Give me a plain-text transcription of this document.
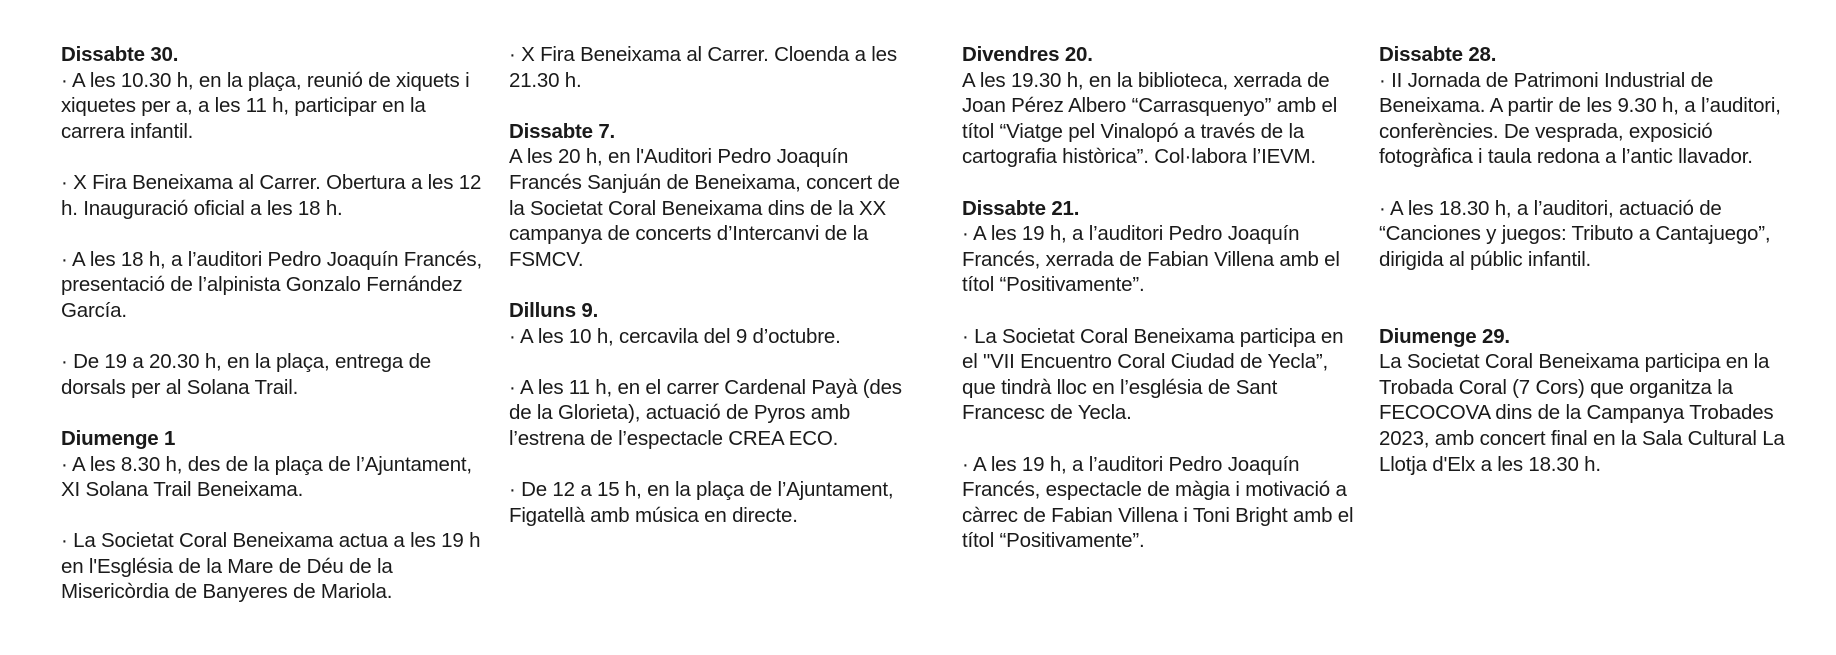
Dissabte 30.

· A les 10.30 h, en la plaça, reunió de xiquets i

xiquetes per a, a les 11 h, participar en la

carrera infantil.

· X Fira Beneixama al Carrer. Obertura a les 12

h. Inauguració oficial a les 18 h.

· A les 18 h, a l’auditori Pedro Joaquín Francés,

presentació de l’alpinista Gonzalo Fernández

García.

· De 19 a 20.30 h, en la plaça, entrega de

dorsals per al Solana Trail.

Diumenge 1

· A les 8.30 h, des de la plaça de l’Ajuntament,

XI Solana Trail Beneixama.

· La Societat Coral Beneixama actua a les 19 h

en l'Església de la Mare de Déu de la

Misericòrdia de Banyeres de Mariola.

· X Fira Beneixama al Carrer. Cloenda a les

21.30 h.

Dissabte 7.

A les 20 h, en l'Auditori Pedro Joaquín

Francés Sanjuán de Beneixama, concert de

la Societat Coral Beneixama dins de la XX

campanya de concerts d’Intercanvi de la

FSMCV.

Dilluns 9.

· A les 10 h, cercavila del 9 d’octubre.

· A les 11 h, en el carrer Cardenal Payà (des

de la Glorieta), actuació de Pyros amb

l’estrena de l’espectacle CREA ECO.

· De 12 a 15 h, en la plaça de l’Ajuntament,

Figatellà amb música en directe.

Divendres 20.

A les 19.30 h, en la biblioteca, xerrada de

Joan Pérez Albero “Carrasquenyo” amb el

títol “Viatge pel Vinalopó a través de la

cartografia històrica”. Col·labora l’IEVM.

Dissabte 21.

· A les 19 h, a l’auditori Pedro Joaquín

Francés, xerrada de Fabian Villena amb el

títol “Positivamente”.

· La Societat Coral Beneixama participa en

el "VII Encuentro Coral Ciudad de Yecla”,

que tindrà lloc en l’església de Sant

Francesc de Yecla.

· A les 19 h, a l’auditori Pedro Joaquín

Francés, espectacle de màgia i motivació a

càrrec de Fabian Villena i Toni Bright amb el

títol “Positivamente”.

Dissabte 28.

· II Jornada de Patrimoni Industrial de

Beneixama. A partir de les 9.30 h, a l’auditori,

conferències. De vesprada, exposició

fotogràfica i taula redona a l’antic llavador.

· A les 18.30 h, a l’auditori, actuació de

“Canciones y juegos: Tributo a Cantajuego”,

dirigida al públic infantil.

Diumenge 29.

La Societat Coral Beneixama participa en la

Trobada Coral (7 Cors) que organitza la

FECOCOVA dins de la Campanya Trobades

2023, amb concert final en la Sala Cultural La

Llotja d'Elx a les 18.30 h.
